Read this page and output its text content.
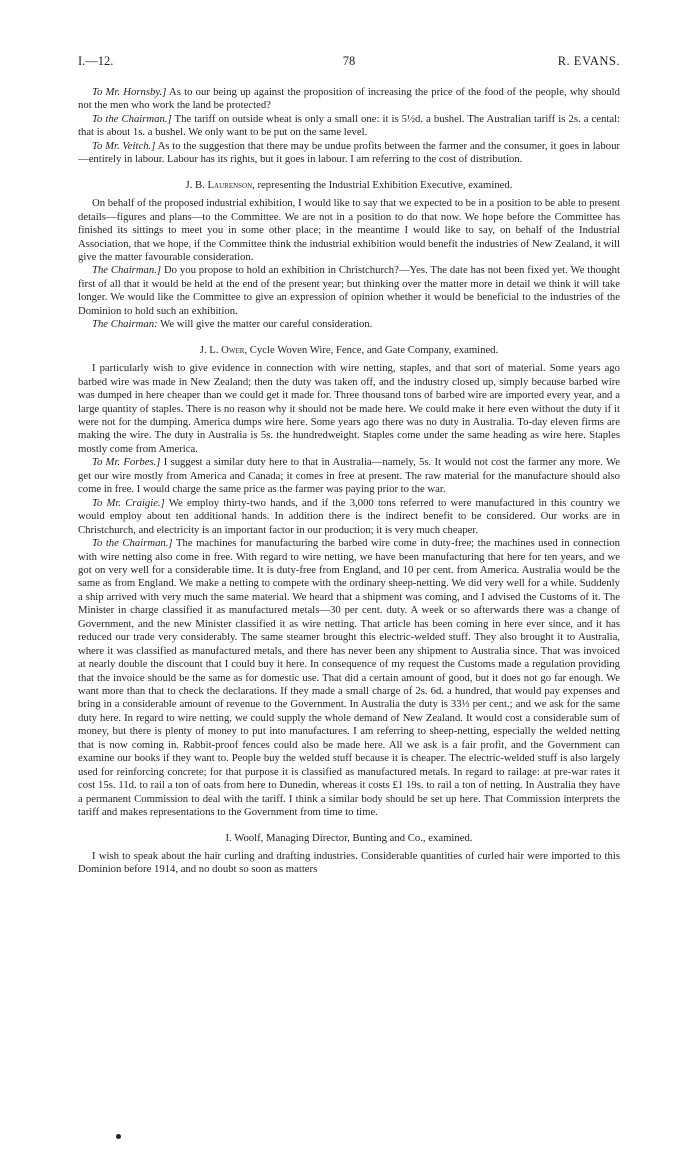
I.—12.	78	R. EVANS.

To Mr. Hornsby.] As to our being up against the proposition of increasing the price of the food of the people, why should not the men who work the land be protected?

To the Chairman.] The tariff on outside wheat is only a small one: it is 5½d. a bushel. The Australian tariff is 2s. a cental: that is about 1s. a bushel. We only want to be put on the same level.

To Mr. Veitch.] As to the suggestion that there may be undue profits between the farmer and the consumer, it goes in labour—entirely in labour. Labour has its rights, but it goes in labour. I am referring to the cost of distribution.

J. B. Laurenson, representing the Industrial Exhibition Executive, examined.

On behalf of the proposed industrial exhibition, I would like to say that we expected to be in a position to be able to present details—figures and plans—to the Committee. We are not in a position to do that now. We hope before the Committee has finished its sittings to meet you in some other place; in the meantime I would like to say, on behalf of the Industrial Association, that we hope, if the Committee think the industrial exhibition would benefit the industries of New Zealand, it will give the matter favourable consideration.

The Chairman.] Do you propose to hold an exhibition in Christchurch?—Yes. The date has not been fixed yet. We thought first of all that it would be held at the end of the present year; but thinking over the matter more in detail we think it will take longer. We would like the Committee to give an expression of opinion whether it would be beneficial to the industries of the Dominion to hold such an exhibition.

The Chairman: We will give the matter our careful consideration.

J. L. Ower, Cycle Woven Wire, Fence, and Gate Company, examined.

I particularly wish to give evidence in connection with wire netting, staples, and that sort of material. Some years ago barbed wire was made in New Zealand; then the duty was taken off, and the industry closed up, simply because barbed wire was dumped in here cheaper than we could get it made for. Three thousand tons of barbed wire are imported every year, and a large quantity of staples. There is no reason why it should not be made here. We could make it here even without the duty if it were not for the dumping. America dumps wire here. Some years ago there was no duty in Australia. To-day eleven firms are making the wire. The duty in Australia is 5s. the hundredweight. Staples come under the same heading as wire here. Staples mostly come from America.

To Mr. Forbes.] I suggest a similar duty here to that in Australia—namely, 5s. It would not cost the farmer any more. We get our wire mostly from America and Canada; it comes in free at present. The raw material for the manufacture should also come in free. I would charge the same price as the farmer was paying prior to the war.

To Mr. Craigie.] We employ thirty-two hands, and if the 3,000 tons referred to were manufactured in this country we would employ about ten additional hands. In addition there is the indirect benefit to be considered. Our works are in Christchurch, and electricity is an important factor in our production; it is very much cheaper.

To the Chairman.] The machines for manufacturing the barbed wire come in duty-free; the machines used in connection with wire netting also come in free. With regard to wire netting, we have been manufacturing that here for ten years, and we got on very well for a considerable time. It is duty-free from England, and 10 per cent. from America. Australia would be the same as from England. We make a netting to compete with the ordinary sheep-netting. We did very well for a while. Suddenly a ship arrived with very much the same material. We heard that a shipment was coming, and I advised the Customs of it. The Minister in charge classified it as manufactured metals—30 per cent. duty. A week or so afterwards there was a change of Government, and the new Minister classified it as wire netting. That article has been coming in here ever since, and it has reduced our trade very considerably. The same steamer brought this electric-welded stuff. They also brought it to Australia, where it was classified as manufactured metals, and there has never been any shipment to Australia since. That was invoiced at nearly double the discount that I could buy it here. In consequence of my request the Customs made a regulation providing that the invoice should be the same as for domestic use. That did a certain amount of good, but it does not go far enough. We want more than that to check the declarations. If they made a small charge of 2s. 6d. a hundred, that would pay expenses and bring in a considerable amount of revenue to the Government. In Australia the duty is 33⅓ per cent.; and we ask for the same duty here. In regard to wire netting, we could supply the whole demand of New Zealand. It would cost a considerable sum of money, but there is plenty of money to put into manufactures. I am referring to sheep-netting, especially the welded netting that is now coming in. Rabbit-proof fences could also be made here. All we ask is a fair profit, and the Government can examine our books if they want to. People buy the welded stuff because it is cheaper. The electric-welded stuff is also largely used for reinforcing concrete; for that purpose it is classified as manufactured metals. In regard to railage: at pre-war rates it cost 15s. 11d. to rail a ton of oats from here to Dunedin, whereas it costs £1 19s. to rail a ton of netting. In Australia they have a permanent Commission to deal with the tariff. I think a similar body should be set up here. That Commission interprets the tariff and makes representations to the Government from time to time.

I. Woolf, Managing Director, Bunting and Co., examined.

I wish to speak about the hair curling and drafting industries. Considerable quantities of curled hair were imported to this Dominion before 1914, and no doubt so soon as matters
